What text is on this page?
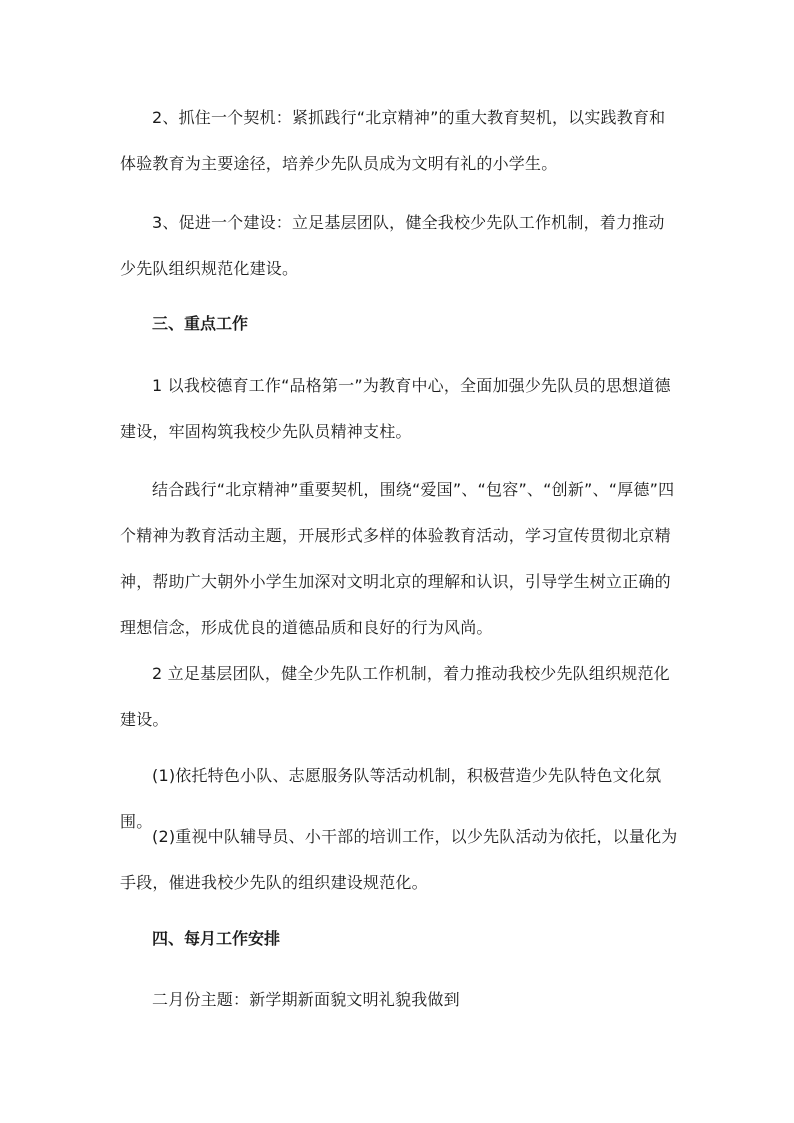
2、抓住一个契机：紧抓践行“北京精神”的重大教育契机，以实践教育和体验教育为主要途径，培养少先队员成为文明有礼的小学生。

3、促进一个建设：立足基层团队，健全我校少先队工作机制，着力推动少先队组织规范化建设。

三、重点工作

1 以我校德育工作“品格第一”为教育中心，全面加强少先队员的思想道德建设，牢固构筑我校少先队员精神支柱。

结合践行“北京精神”重要契机，围绕“爱国”、“包容”、“创新”、“厚德”四个精神为教育活动主题，开展形式多样的体验教育活动，学习宣传贯彻北京精神，帮助广大朝外小学生加深对文明北京的理解和认识，引导学生树立正确的理想信念，形成优良的道德品质和良好的行为风尚。

2 立足基层团队，健全少先队工作机制，着力推动我校少先队组织规范化建设。

(1)依托特色小队、志愿服务队等活动机制，积极营造少先队特色文化氛围。

(2)重视中队辅导员、小干部的培训工作，以少先队活动为依托，以量化为手段，催进我校少先队的组织建设规范化。

四、每月工作安排

二月份主题：新学期新面貌文明礼貌我做到
